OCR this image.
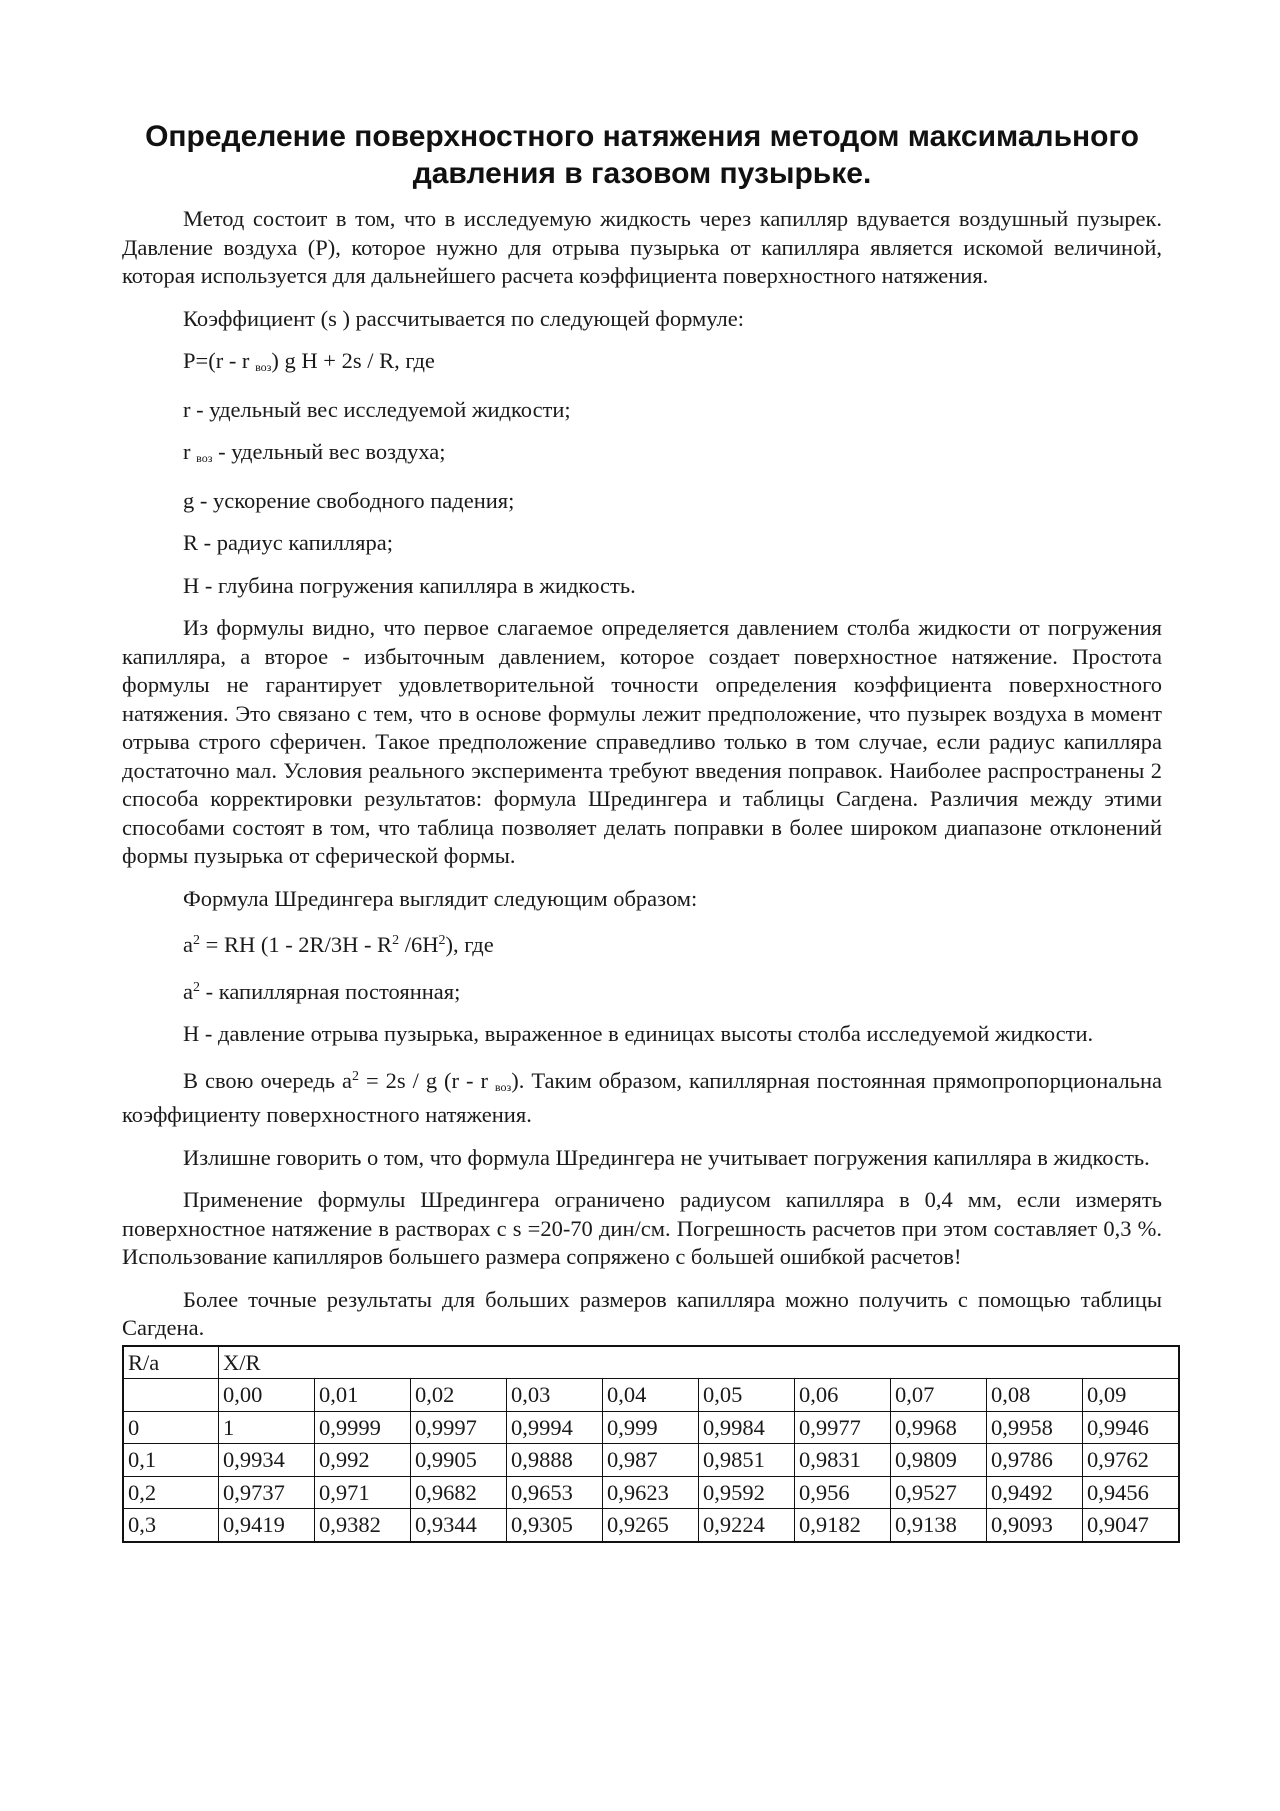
Определение поверхностного натяжения методом максимального давления в газовом пузырьке.

Метод состоит в том, что в исследуемую жидкость через капилляр вдувается воздушный пузырек. Давление воздуха (Р), которое нужно для отрыва пузырька от капилляра является искомой величиной, которая используется для дальнейшего расчета коэффициента поверхностного натяжения.

Коэффициент (s ) рассчитывается по следующей формуле:

P=(r - r $_{воз}$) g H + 2s / R, где

r - удельный вес исследуемой жидкости;

r $_{воз}$ - удельный вес воздуха;

g - ускорение свободного падения;

R - радиус капилляра;

H - глубина погружения капилляра в жидкость.

Из формулы видно, что первое слагаемое определяется давлением столба жидкости от погружения капилляра, а второе - избыточным давлением, которое создает поверхностное натяжение. Простота формулы не гарантирует удовлетворительной точности определения коэффициента поверхностного натяжения. Это связано с тем, что в основе формулы лежит предположение, что пузырек воздуха в момент отрыва строго сферичен. Такое предположение справедливо только в том случае, если радиус капилляра достаточно мал. Условия реального эксперимента требуют введения поправок. Наиболее распространены 2 способа корректировки результатов: формула Шредингера и таблицы Сагдена. Различия между этими способами состоят в том, что таблица позволяет делать поправки в более широком диапазоне отклонений формы пузырька от сферической формы.

Формула Шредингера выглядит следующим образом:

$a^2$ = RH ($1 - 2R/3H - R^2$ $/6H^2$), где

$a^2$ - капиллярная постоянная;

H - давление отрыва пузырька, выраженное в единицах высоты столба исследуемой жидкости.

В свою очередь $a^2 = 2s / g$ (r - r $_{воз}$). Таким образом, капиллярная постоянная прямопропорциональна коэффициенту поверхностного натяжения.

Излишне говорить о том, что формула Шредингера не учитывает погружения капилляра в жидкость.

Применение формулы Шредингера ограничено радиусом капилляра в 0,4 мм, если измерять поверхностное натяжение в растворах с s =20-70 дин/см. Погрешность расчетов при этом составляет 0,3 %. Использование капилляров большего размера сопряжено с большей ошибкой расчетов!

Более точные результаты для больших размеров капилляра можно получить с помощью таблицы Сагдена.

R/a	X/R									
	0,00	0,01	0,02	0,03	0,04	0,05	0,06	0,07	0,08	0,09
0	1	0,9999	0,9997	0,9994	0,999	0,9984	0,9977	0,9968	0,9958	0,9946
0,1	0,9934	0,992	0,9905	0,9888	0,987	0,9851	0,9831	0,9809	0,9786	0,9762
0,2	0,9737	0,971	0,9682	0,9653	0,9623	0,9592	0,956	0,9527	0,9492	0,9456
0,3	0,9419	0,9382	0,9344	0,9305	0,9265	0,9224	0,9182	0,9138	0,9093	0,9047
